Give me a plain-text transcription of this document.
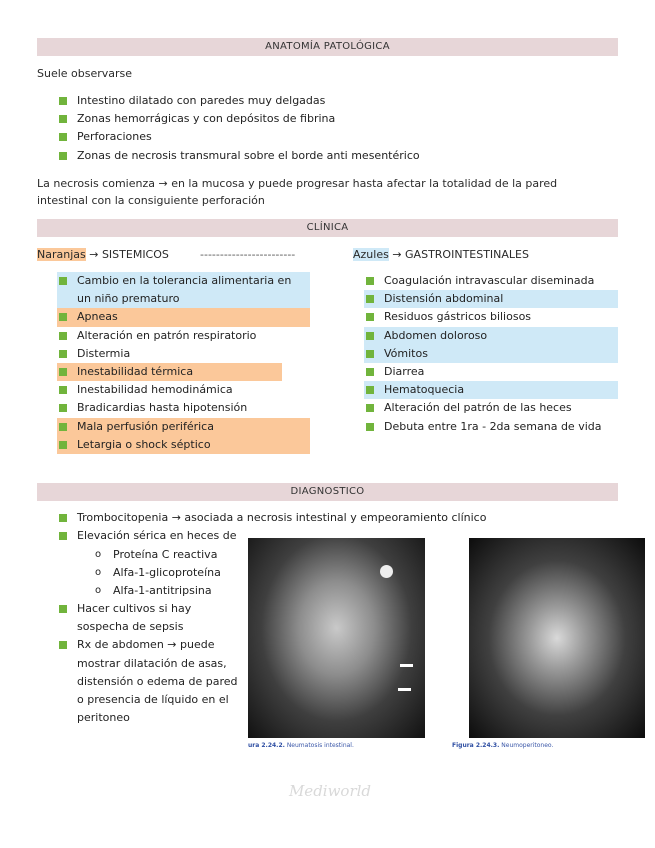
ANATOMÍA PATOLÓGICA
Suele observarse
Intestino dilatado con paredes muy delgadas
Zonas hemorrágicas y con depósitos de fibrina
Perforaciones
Zonas de necrosis transmural sobre el borde anti mesentérico
La necrosis comienza → en la mucosa y puede progresar hasta afectar la totalidad de la pared
intestinal con la consiguiente perforación
CLÍNICA
Naranjas → SISTEMICOS	------------------------	Azules → GASTROINTESTINALES
Cambio en la tolerancia alimentaria en
un niño prematuro
Apneas
Alteración en patrón respiratorio
Distermia
Inestabilidad térmica
Inestabilidad hemodinámica
Bradicardias hasta hipotensión
Mala perfusión periférica
Letargia o shock séptico
Coagulación intravascular diseminada
Distensión abdominal
Residuos gástricos biliosos
Abdomen doloroso
Vómitos
Diarrea
Hematoquecia
Alteración del patrón de las heces
Debuta entre 1ra - 2da semana de vida
DIAGNOSTICO
Trombocitopenia → asociada a necrosis intestinal y empeoramiento clínico
Elevación sérica en heces de
o Proteína C reactiva
o Alfa-1-glicoproteína
o Alfa-1-antitripsina
Hacer cultivos si hay
sospecha de sepsis
Rx de abdomen → puede
mostrar dilatación de asas,
distensión o edema de pared
o presencia de líquido en el
peritoneo
ura 2.24.2. Neumatosis intestinal.	Figura 2.24.3. Neumoperitoneo.
Mediworld
